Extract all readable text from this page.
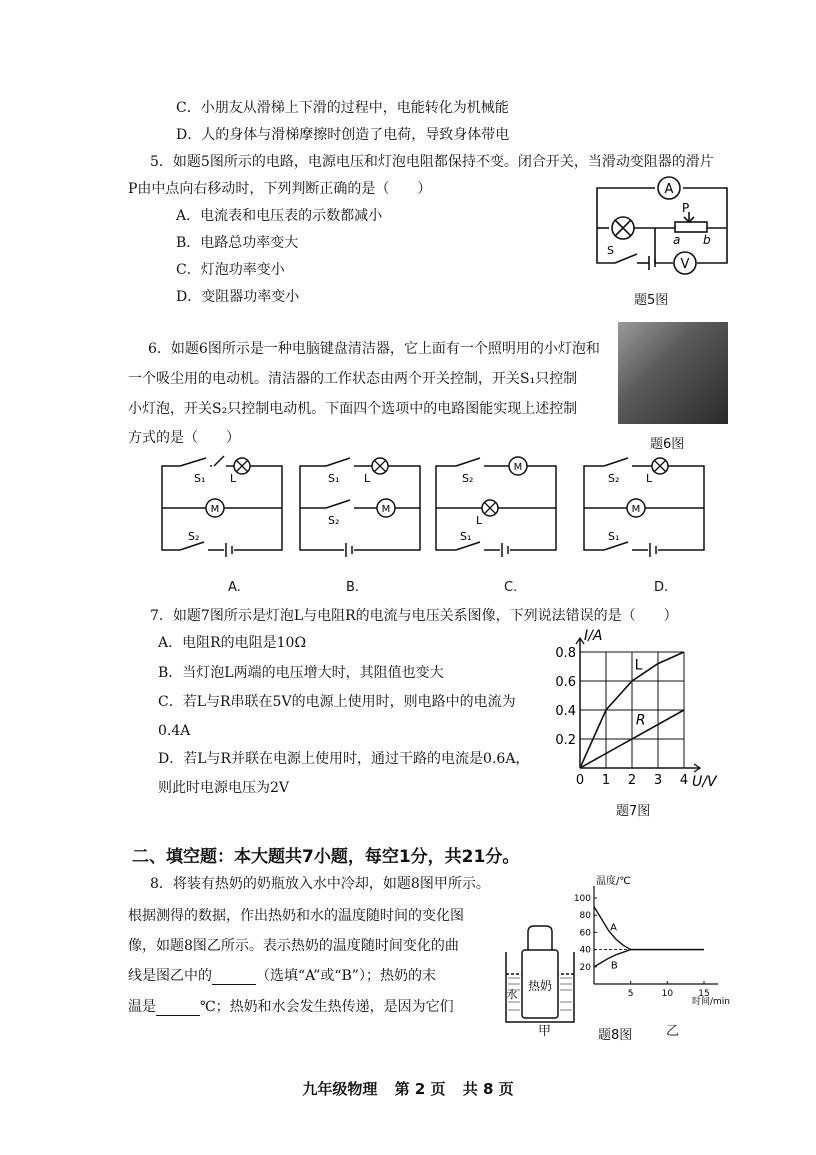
C．小朋友从滑梯上下滑的过程中，电能转化为机械能
D．人的身体与滑梯摩擦时创造了电荷，导致身体带电
5．如题5图所示的电路，电源电压和灯泡电阻都保持不变。闭合开关，当滑动变阻器的滑片
P由中点向右移动时，下列判断正确的是（　　）
A．电流表和电压表的示数都减小
B．电路总功率变大
C．灯泡功率变小
D．变阻器功率变小
A
V
P
a b
S
题5图
6．如题6图所示是一种电脑键盘清洁器，它上面有一个照明用的小灯泡和
一个吸尘用的电动机。清洁器的工作状态由两个开关控制，开关S₁只控制
小灯泡，开关S₂只控制电动机。下面四个选项中的电路图能实现上述控制
方式的是（　　）	题6图
M
S₁ L
S₂
M
S₁ L
S₂
M
S₂
L
S₁
M
S₂ L
S₁
A.	B.	C.	D.
7．如题7图所示是灯泡L与电阻R的电流与电压关系图像，下列说法错误的是（　　）
A．电阻R的电阻是10Ω
B．当灯泡L两端的电压增大时，其阻值也变大
C．若L与R串联在5V的电源上使用时，则电路中的电流为
0.4A
D．若L与R并联在电源上使用时，通过干路的电流是0.6A，
则此时电源电压为2V	0 1 2 3 4
0.2
0.4
0.6
0.8
I/A
U/V
L
R
题7图
二、填空题：本大题共7小题，每空1分，共21分。
8．将装有热奶的奶瓶放入水中冷却，如题8图甲所示。
根据测得的数据，作出热奶和水的温度随时间的变化图
像，如题8图乙所示。表示热奶的温度随时间变化的曲
线是图乙中的	（选填“A”或“B”）；热奶的末
温是	℃；热奶和水会发生热传递，是因为它们
热奶
水
甲
20
40
60
80
100
5	10	15
温度/℃
时间/min
A
B
题8图	乙
九年级物理 第 2 页 共 8 页
